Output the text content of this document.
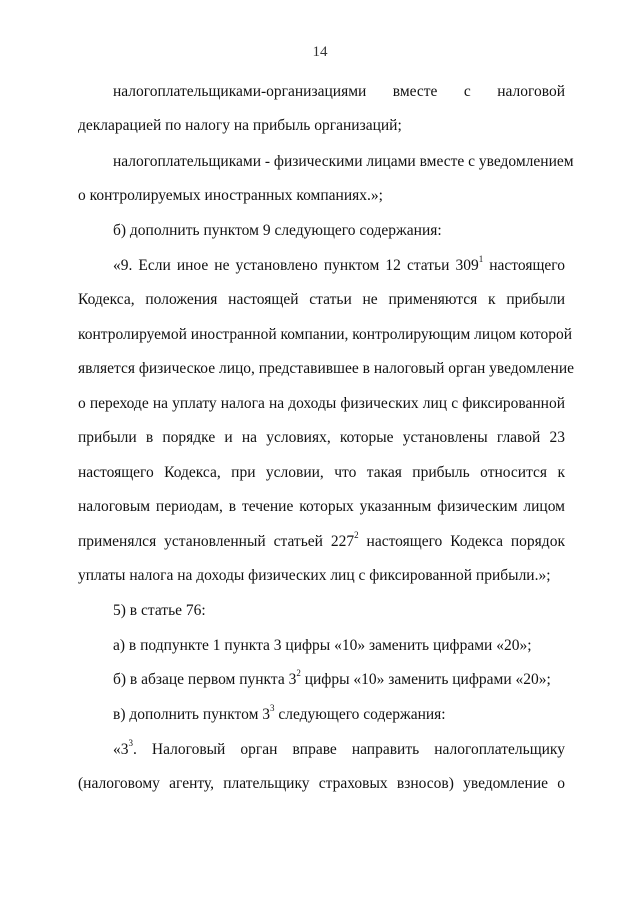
14
налогоплательщиками-организациями вместе с налоговой
декларацией по налогу на прибыль организаций;
налогоплательщиками - физическими лицами вместе с уведомлением
о контролируемых иностранных компаниях.»;
б) дополнить пунктом 9 следующего содержания:
«9. Если иное не установлено пунктом 12 статьи $309^1$ настоящего
Кодекса, положения настоящей статьи не применяются к прибыли
контролируемой иностранной компании, контролирующим лицом которой
является физическое лицо, представившее в налоговый орган уведомление
о переходе на уплату налога на доходы физических лиц с фиксированной
прибыли в порядке и на условиях, которые установлены главой 23
настоящего Кодекса, при условии, что такая прибыль относится к
налоговым периодам, в течение которых указанным физическим лицом
применялся установленный статьей $227^2$ настоящего Кодекса порядок
уплаты налога на доходы физических лиц с фиксированной прибыли.»;
5) в статье 76:
а) в подпункте 1 пункта 3 цифры «10» заменить цифрами «20»;
б) в абзаце первом пункта $3^2$ цифры «10» заменить цифрами «20»;
в) дополнить пунктом $3^3$ следующего содержания:
«$3^3$. Налоговый орган вправе направить налогоплательщику
(налоговому агенту, плательщику страховых взносов) уведомление о
